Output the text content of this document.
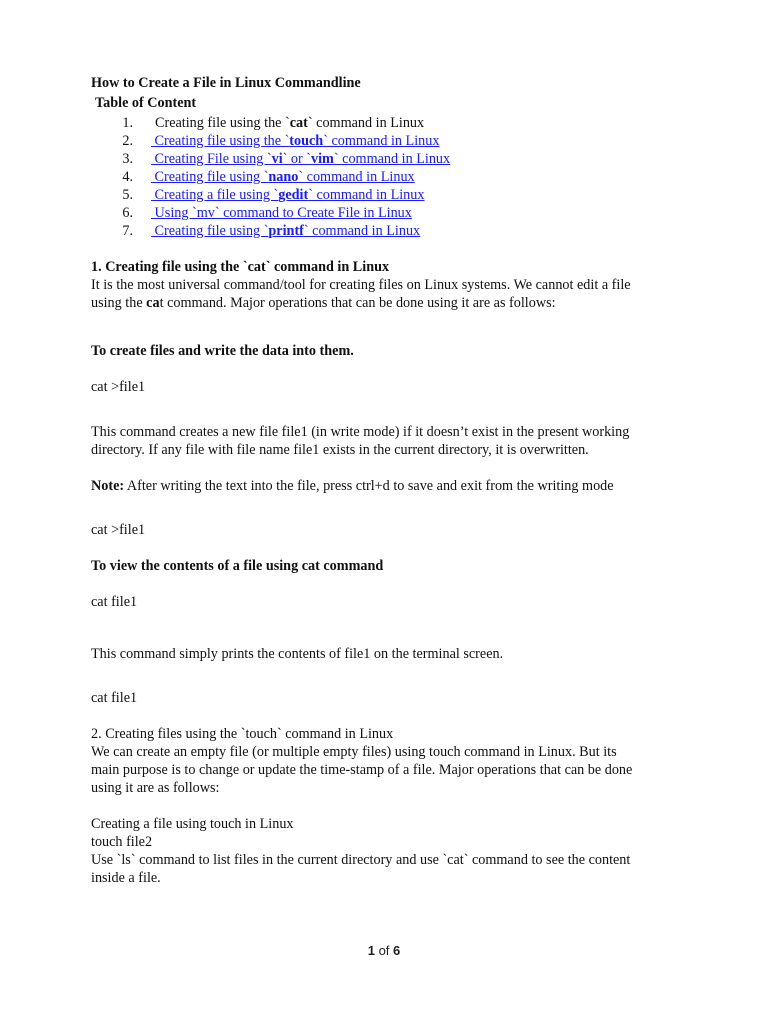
How to Create a File in Linux Commandline

Table of Content

1. Creating file using the `cat` command in Linux
2. Creating file using the `touch` command in Linux
3. Creating File using `vi` or `vim` command in Linux
4. Creating file using `nano` command in Linux
5. Creating a file using `gedit` command in Linux
6. Using `mv` command to Create File in Linux
7. Creating file using `printf` command in Linux

1. Creating file using the `cat` command in Linux

It is the most universal command/tool for creating files on Linux systems. We cannot edit a file

using the cat command. Major operations that can be done using it are as follows:

To create files and write the data into them.

cat >file1

This command creates a new file file1 (in write mode) if it doesn’t exist in the present working

directory. If any file with file name file1 exists in the current directory, it is overwritten.

Note: After writing the text into the file, press ctrl+d to save and exit from the writing mode

cat >file1

To view the contents of a file using cat command

cat file1

This command simply prints the contents of file1 on the terminal screen.

cat file1

2. Creating files using the `touch` command in Linux

We can create an empty file (or multiple empty files) using touch command in Linux. But its

main purpose is to change or update the time-stamp of a file. Major operations that can be done

using it are as follows:

Creating a file using touch in Linux

touch file2

Use `ls` command to list files in the current directory and use `cat` command to see the content

inside a file.

1 of 6
